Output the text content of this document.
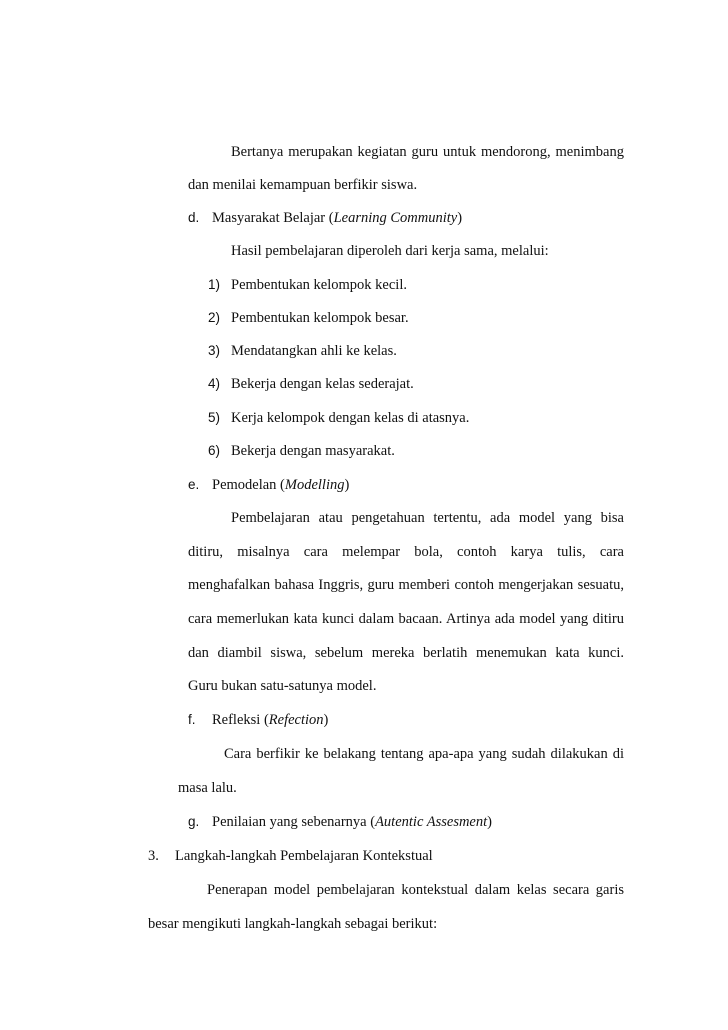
Bertanya merupakan kegiatan guru untuk mendorong, menimbang
dan menilai kemampuan berfikir siswa.
d. Masyarakat Belajar (Learning Community)
Hasil pembelajaran diperoleh dari kerja sama, melalui:
1) Pembentukan kelompok kecil.
2) Pembentukan kelompok besar.
3) Mendatangkan ahli ke kelas.
4) Bekerja dengan kelas sederajat.
5) Kerja kelompok dengan kelas di atasnya.
6) Bekerja dengan masyarakat.
e. Pemodelan (Modelling)
Pembelajaran atau pengetahuan tertentu, ada model yang bisa
ditiru, misalnya cara melempar bola, contoh karya tulis, cara
menghafalkan bahasa Inggris, guru memberi contoh mengerjakan sesuatu,
cara memerlukan kata kunci dalam bacaan. Artinya ada model yang ditiru
dan diambil siswa, sebelum mereka berlatih menemukan kata kunci.
Guru bukan satu-satunya model.
f. Refleksi (Refection)
Cara berfikir ke belakang tentang apa-apa yang sudah dilakukan di
masa lalu.
g. Penilaian yang sebenarnya (Autentic Assesment)
3. Langkah-langkah Pembelajaran Kontekstual
Penerapan model pembelajaran kontekstual dalam kelas secara garis
besar mengikuti langkah-langkah sebagai berikut:
